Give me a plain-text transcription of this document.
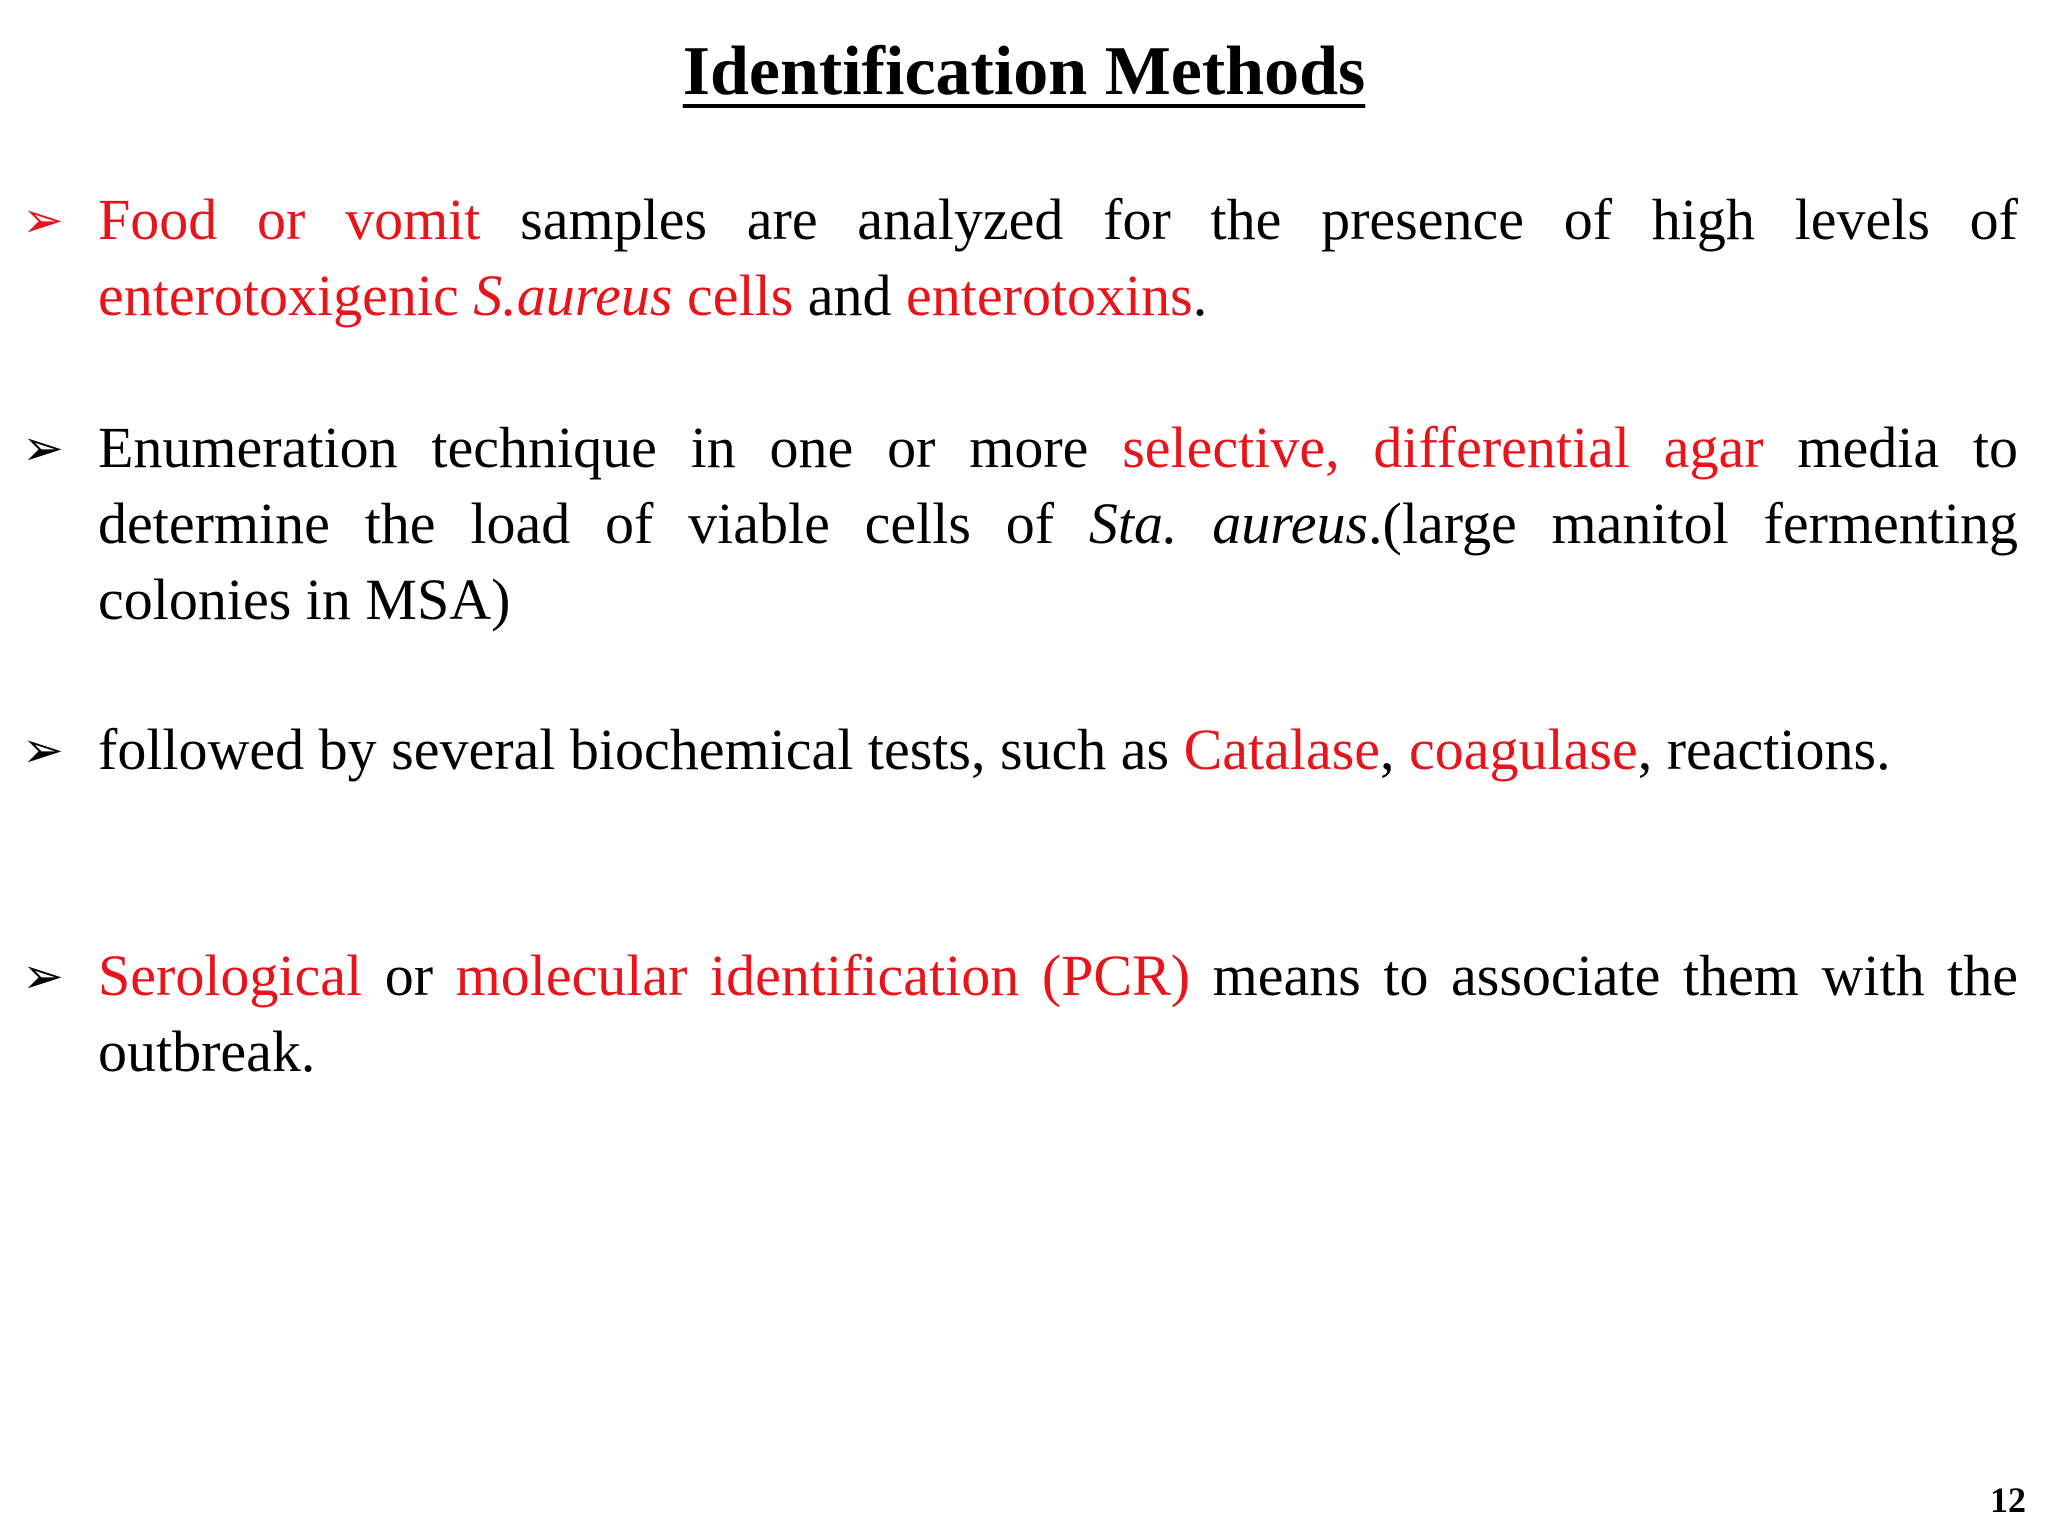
Identification Methods
➢ Food or vomit samples are analyzed for the presence of high levels of enterotoxigenic S.aureus cells and enterotoxins.
➢ Enumeration technique in one or more selective, differential agar media to determine the load of viable cells of Sta. aureus.(large manitol fermenting colonies in MSA)
➢ followed by several biochemical tests, such as Catalase, coagulase, reactions.
➢ Serological or molecular identification (PCR) means to associate them with the outbreak.
12
